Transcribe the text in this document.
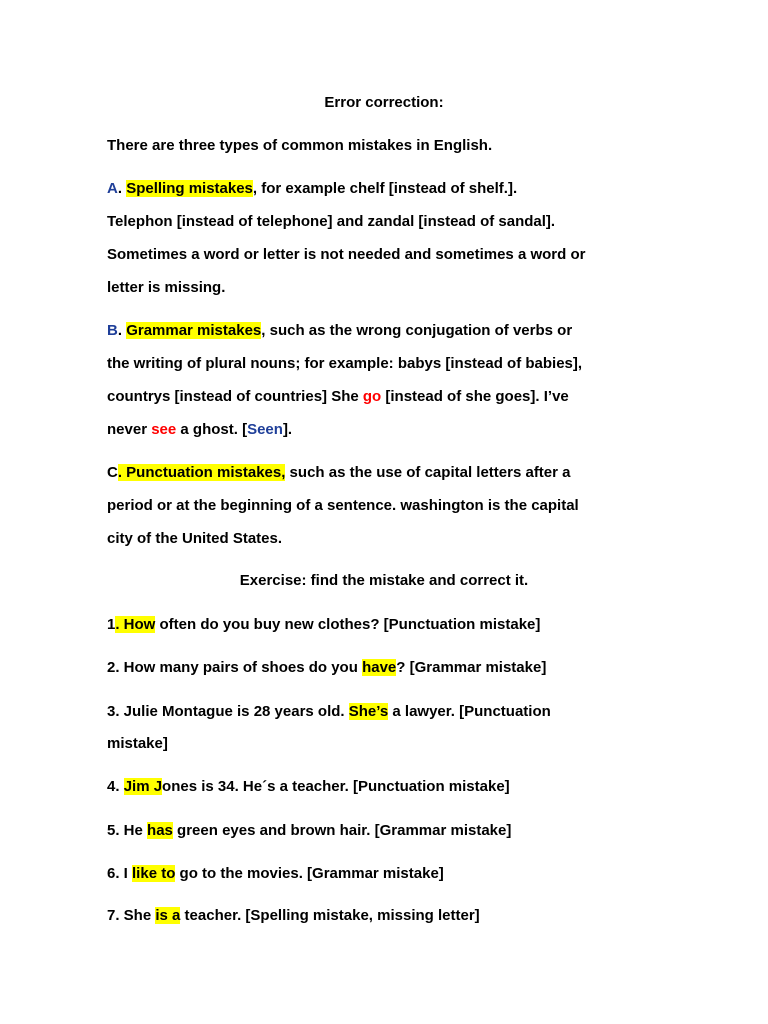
Error correction:
There are three types of common mistakes in English.
A. Spelling mistakes, for example chelf [instead of shelf.].
Telephon [instead of telephone] and zandal [instead of sandal].
Sometimes a word or letter is not needed and sometimes a word or
letter is missing.
B. Grammar mistakes, such as the wrong conjugation of verbs or
the writing of plural nouns; for example: babys [instead of babies],
countrys [instead of countries] She go [instead of she goes]. I’ve
never see a ghost. [Seen].
C. Punctuation mistakes, such as the use of capital letters after a
period or at the beginning of a sentence. washington is the capital
city of the United States.
Exercise: find the mistake and correct it.
1. How often do you buy new clothes? [Punctuation mistake]
2. How many pairs of shoes do you have? [Grammar mistake]
3. Julie Montague is 28 years old. She’s a lawyer. [Punctuation
mistake]
4. Jim Jones is 34. He´s a teacher. [Punctuation mistake]
5. He has green eyes and brown hair. [Grammar mistake]
6. I like to go to the movies. [Grammar mistake]
7. She is a teacher. [Spelling mistake, missing letter]
